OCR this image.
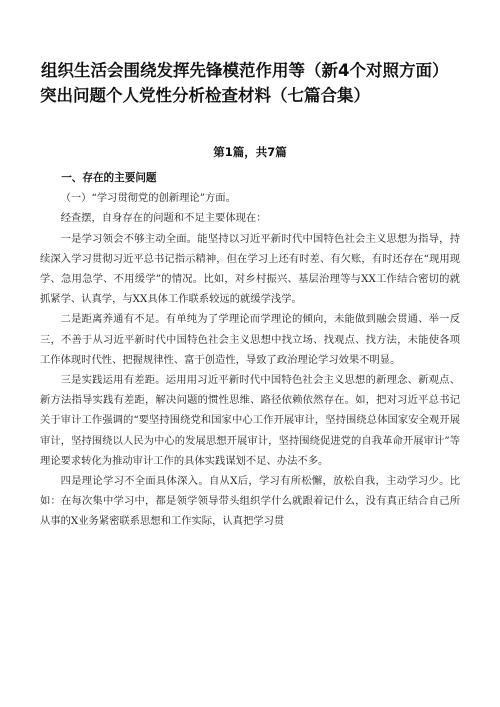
组织生活会围绕发挥先锋模范作用等（新4个对照方面）突出问题个人党性分析检查材料（七篇合集）
第1篇，共7篇

一、存在的主要问题

（一）“学习贯彻党的创新理论”方面。

经查摆，自身存在的问题和不足主要体现在：

一是学习领会不够主动全面。能坚持以习近平新时代中国特色社会主义思想为指导，持续深入学习贯彻习近平总书记指示精神，但在学习上还有时差、有欠账，有时还存在“现用现学、急用急学、不用缓学”的情况。比如，对乡村振兴、基层治理等与XX工作结合密切的就抓紧学、认真学，与XX具体工作联系较远的就缓学浅学。

二是距离养通有不足。有单纯为了学理论而学理论的倾向，未能做到融会贯通、举一反三，不善于从习近平新时代中国特色社会主义思想中找立场、找观点、找方法，未能使各项工作体现时代性、把握规律性、富于创造性，导致了政治理论学习效果不明显。

三是实践运用有差距。运用用习近平新时代中国特色社会主义思想的新理念、新观点、新方法指导实践有差距，解决问题的惯性思维、路径依赖依然存在。如，把对习近平总书记关于审计工作强调的“要坚持围绕党和国家中心工作开展审计，坚持围绕总体国家安全观开展审计，坚持围绕以人民为中心的发展思想开展审计，坚持围绕促进党的自我革命开展审计”等理论要求转化为推动审计工作的具体实践谋划不足、办法不多。

四是理论学习不全面具体深入。自从X后，学习有所松懈，放松自我，主动学习少。比如：在每次集中学习中，都是领学领导带头组织学什么就跟着记什么，没有真正结合自己所从事的X业务紧密联系思想和工作实际，认真把学习贯
